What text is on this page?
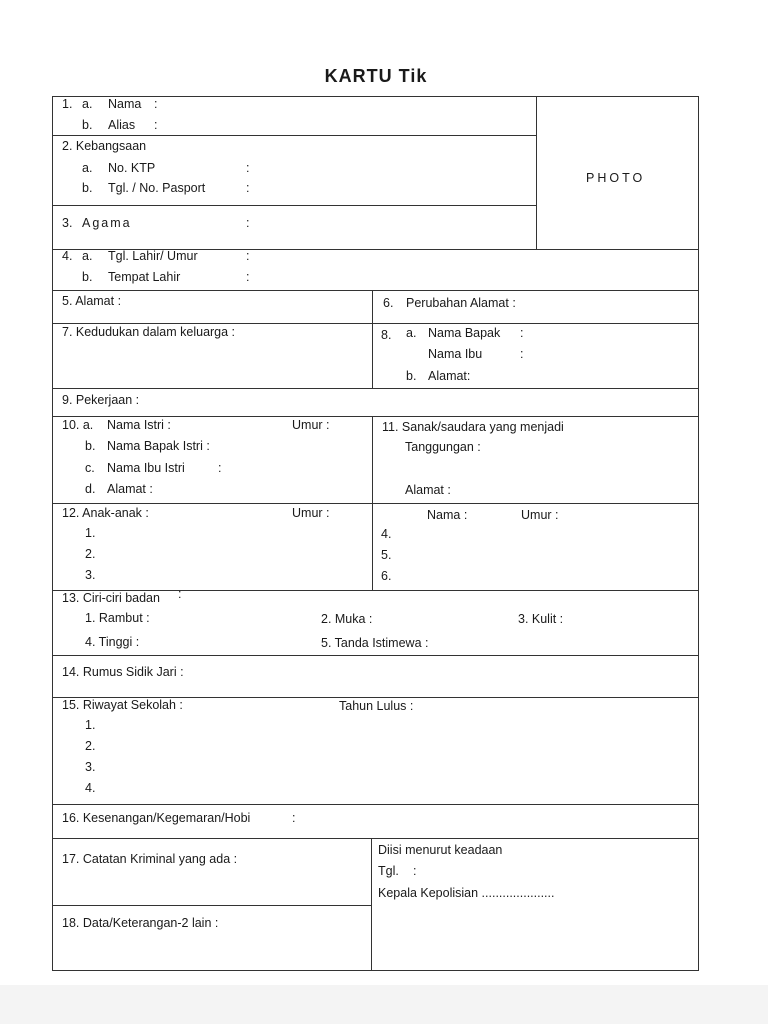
KARTU Tik
PHOTO
1. a. Nama :
b. Alias :
2. Kebangsaan
a. No. KTP	:
b. Tgl. / No. Pasport	:
3. Agama	:
4. a. Tgl. Lahir/ Umur	:
b. Tempat Lahir	:
5. Alamat :	6. Perubahan Alamat :
7. Kedudukan dalam keluarga :	8. a. Nama Bapak :
Nama Ibu	:
b. Alamat:
9. Pekerjaan :
10. a. Nama Istri :	Umur :
b. Nama Bapak Istri :
c. Nama Ibu Istri	:
d. Alamat :
11. Sanak/saudara yang menjadi
Tanggungan :
Alamat :
12. Anak-anak :	Umur :	Nama :	Umur :
1.
2.
3.
4.
5.
6.
13. Ciri-ciri badan :
1. Rambut :	2. Muka :	3. Kulit :
4. Tinggi :	5. Tanda Istimewa :
14. Rumus Sidik Jari :
15. Riwayat Sekolah :	Tahun Lulus :
1.
2.
3.
4.
16. Kesenangan/Kegemaran/Hobi	:
17. Catatan Kriminal yang ada :
Diisi menurut keadaan
Tgl. :
Kepala Kepolisian .....................
18. Data/Keterangan-2 lain :
